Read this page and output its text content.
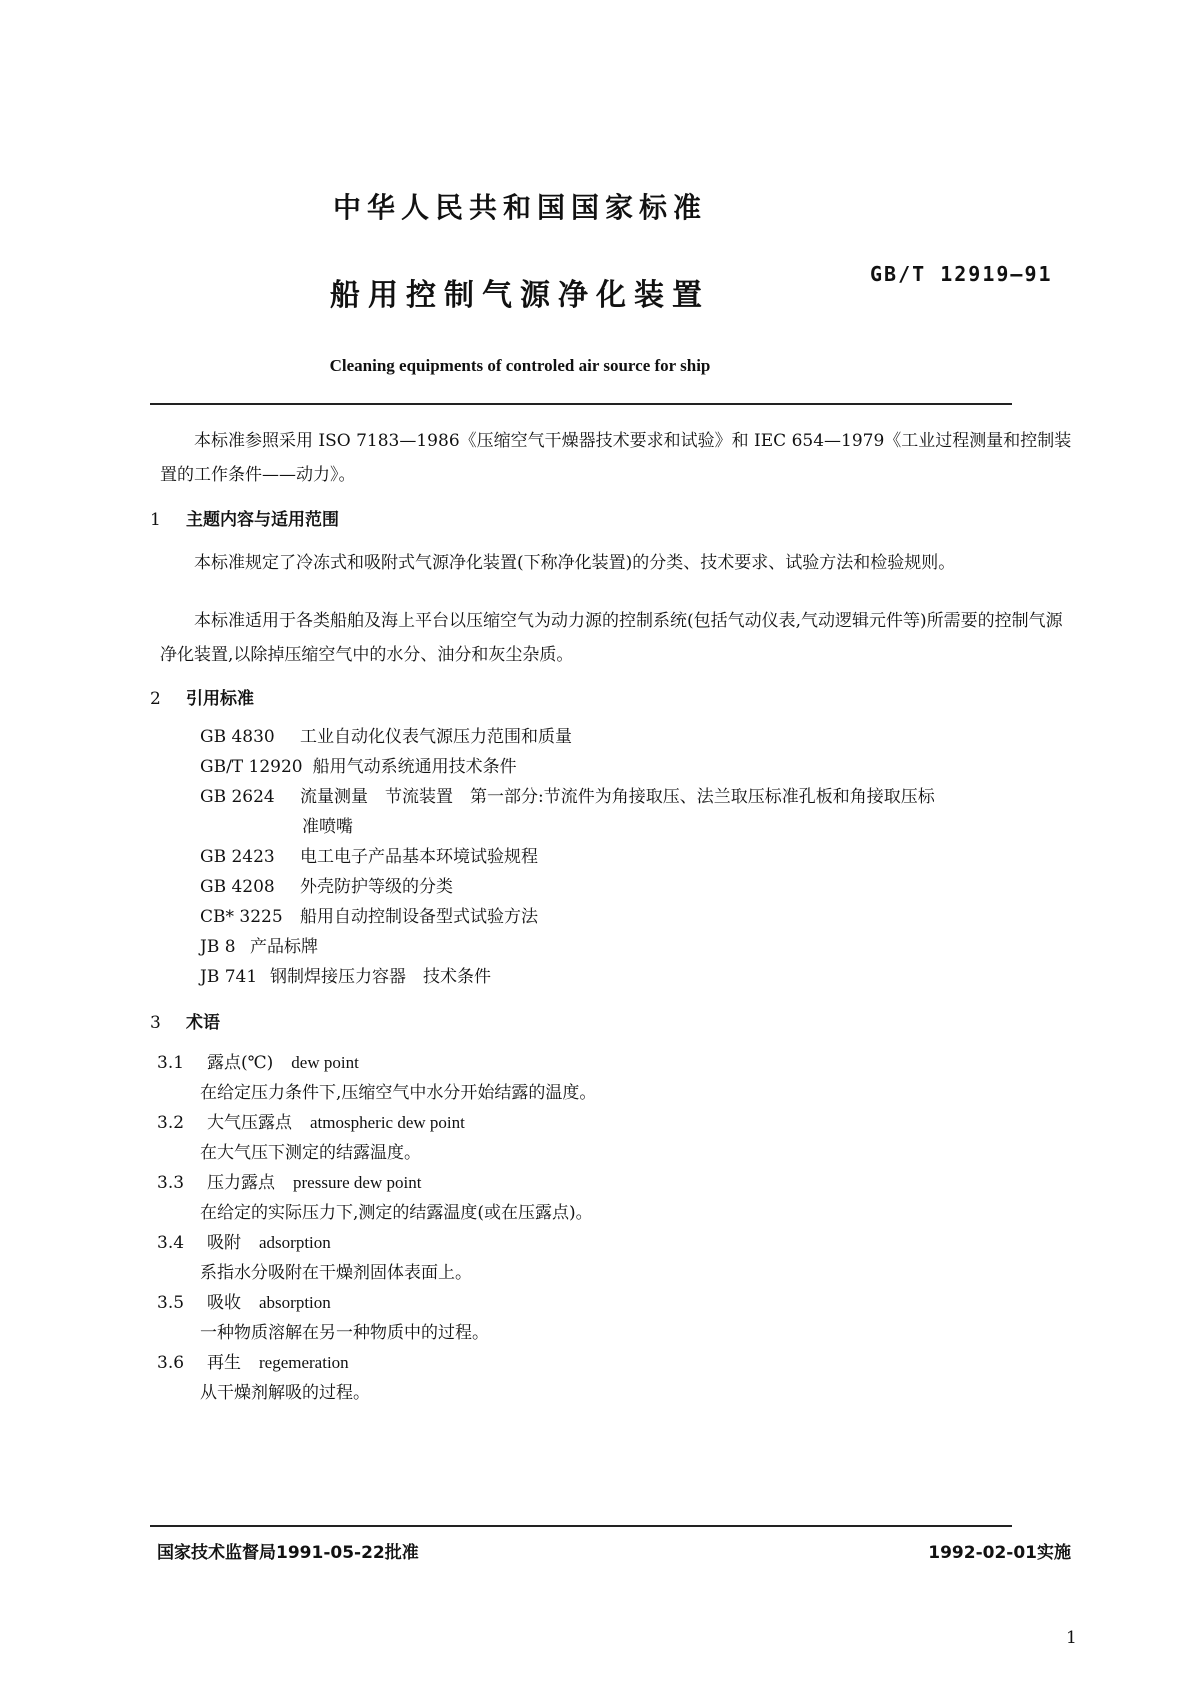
中华人民共和国国家标准
船用控制气源净化装置
GB/T 12919—91
Cleaning equipments of controled air source for ship
本标准参照采用 ISO 7183—1986《压缩空气干燥器技术要求和试验》和 IEC 654—1979《工业过程测量和控制装置的工作条件——动力》。
1 主题内容与适用范围
本标准规定了冷冻式和吸附式气源净化装置(下称净化装置)的分类、技术要求、试验方法和检验规则。
本标准适用于各类船舶及海上平台以压缩空气为动力源的控制系统(包括气动仪表,气动逻辑元件等)所需要的控制气源净化装置,以除掉压缩空气中的水分、油分和灰尘杂质。
2 引用标准
GB 4830 工业自动化仪表气源压力范围和质量
GB/T 12920 船用气动系统通用技术条件
GB 2624 流量测量　节流装置　第一部分:节流件为角接取压、法兰取压标准孔板和角接取压标
准喷嘴
GB 2423 电工电子产品基本环境试验规程
GB 4208 外壳防护等级的分类
CB* 3225 船用自动控制设备型式试验方法
JB 8 产品标牌
JB 741 钢制焊接压力容器　技术条件
3 术语
3.1 露点(℃) dew point
在给定压力条件下,压缩空气中水分开始结露的温度。
3.2 大气压露点 atmospheric dew point
在大气压下测定的结露温度。
3.3 压力露点 pressure dew point
在给定的实际压力下,测定的结露温度(或在压露点)。
3.4 吸附 adsorption
系指水分吸附在干燥剂固体表面上。
3.5 吸收 absorption
一种物质溶解在另一种物质中的过程。
3.6 再生 regemeration
从干燥剂解吸的过程。
国家技术监督局1991-05-22批准	1992-02-01实施
1
